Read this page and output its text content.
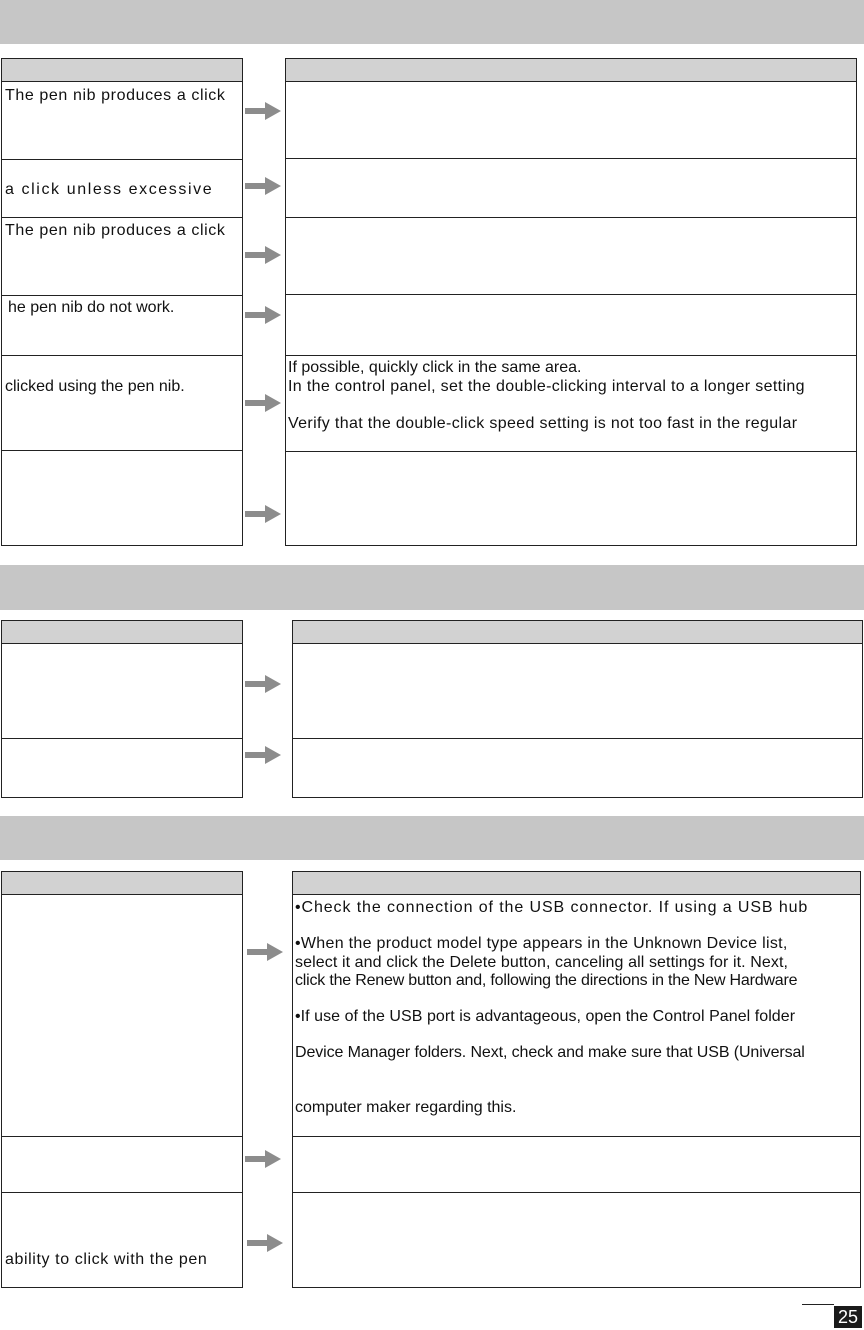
The pen nib produces a click
a click unless excessive
The pen nib produces a click
he pen nib do not work.
clicked using the pen nib.
If possible, quickly click in the same area.
In the control panel, set the double-clicking interval to a longer setting
Verify that the double-click speed setting is not too fast in the regular
•Check the connection of the USB connector. If using a USB hub
•When the product model type appears in the Unknown Device list,
select it and click the Delete button, canceling all settings for it. Next,
click the Renew button and, following the directions in the New Hardware
•If use of the USB port is advantageous, open the Control Panel folder
Device Manager folders. Next, check and make sure that USB (Universal
computer maker regarding this.
ability to click with the pen
25
